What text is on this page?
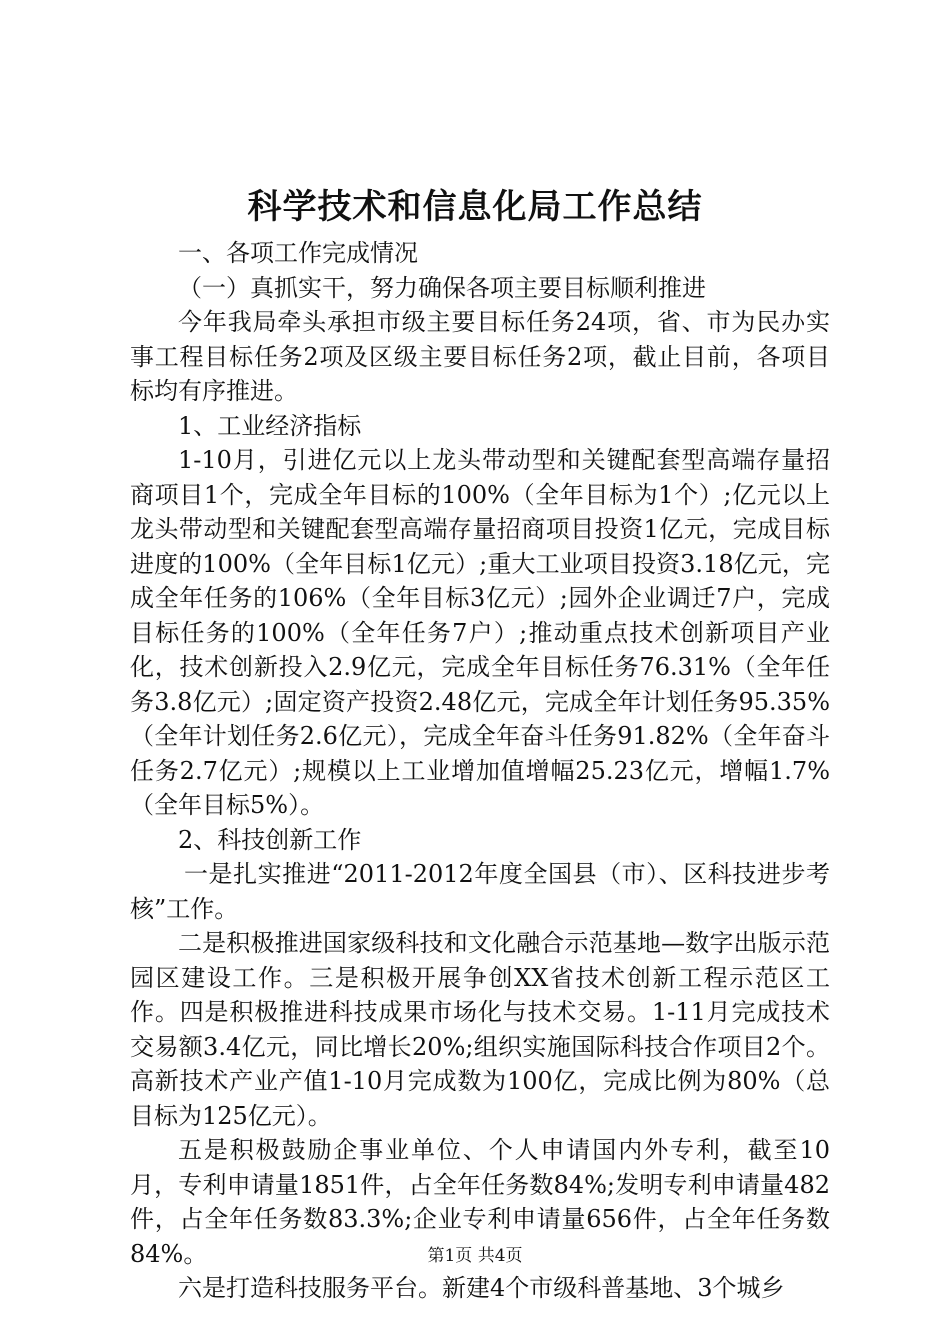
科学技术和信息化局工作总结

一、各项工作完成情况

（一）真抓实干，努力确保各项主要目标顺利推进

今年我局牵头承担市级主要目标任务24项，省、市为民办实事工程目标任务2项及区级主要目标任务2项，截止目前，各项目标均有序推进。

1、工业经济指标

1-10月，引进亿元以上龙头带动型和关键配套型高端存量招商项目1个，完成全年目标的100%（全年目标为1个）;亿元以上龙头带动型和关键配套型高端存量招商项目投资1亿元，完成目标进度的100%（全年目标1亿元）;重大工业项目投资3.18亿元，完成全年任务的106%（全年目标3亿元）;园外企业调迁7户，完成目标任务的100%（全年任务7户）;推动重点技术创新项目产业化，技术创新投入2.9亿元，完成全年目标任务76.31%（全年任务3.8亿元）;固定资产投资2.48亿元，完成全年计划任务95.35%（全年计划任务2.6亿元），完成全年奋斗任务91.82%（全年奋斗任务2.7亿元）;规模以上工业增加值增幅25.23亿元，增幅1.7%（全年目标5%）。

2、科技创新工作

一是扎实推进“2011-2012年度全国县（市）、区科技进步考核”工作。

二是积极推进国家级科技和文化融合示范基地—数字出版示范园区建设工作。三是积极开展争创XX省技术创新工程示范区工作。四是积极推进科技成果市场化与技术交易。1-11月完成技术交易额3.4亿元，同比增长20%;组织实施国际科技合作项目2个。高新技术产业产值1-10月完成数为100亿，完成比例为80%（总目标为125亿元）。

五是积极鼓励企事业单位、个人申请国内外专利，截至10月，专利申请量1851件，占全年任务数84%;发明专利申请量482件，占全年任务数83.3%;企业专利申请量656件，占全年任务数84%。

六是打造科技服务平台。新建4个市级科普基地、3个城乡

第1页 共4页
